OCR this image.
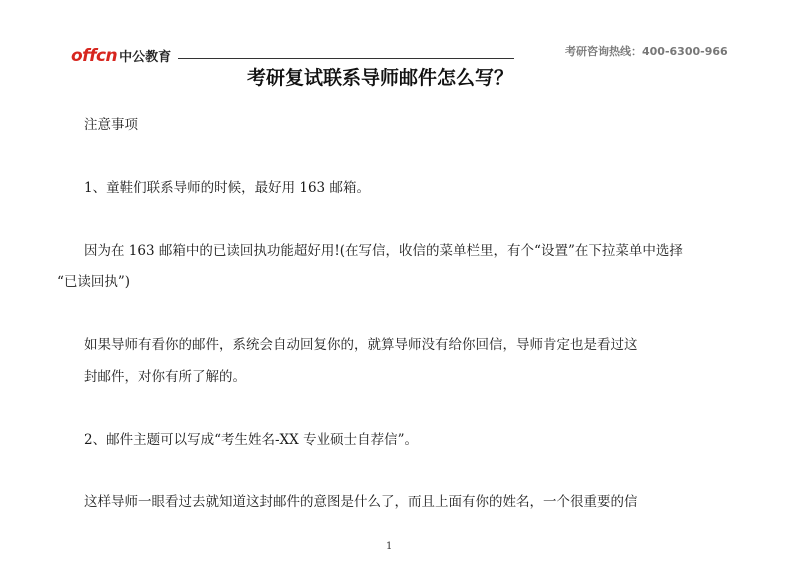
offcn 中公教育	考研咨询热线：400-6300-966
考研复试联系导师邮件怎么写？
注意事项
1、童鞋们联系导师的时候，最好用 163 邮箱。
因为在 163 邮箱中的已读回执功能超好用!(在写信，收信的菜单栏里，有个“设置”在下拉菜单中选择
“已读回执”)
如果导师有看你的邮件，系统会自动回复你的，就算导师没有给你回信，导师肯定也是看过这
封邮件，对你有所了解的。
2、邮件主题可以写成“考生姓名-XX 专业硕士自荐信”。
这样导师一眼看过去就知道这封邮件的意图是什么了，而且上面有你的姓名，一个很重要的信
1
